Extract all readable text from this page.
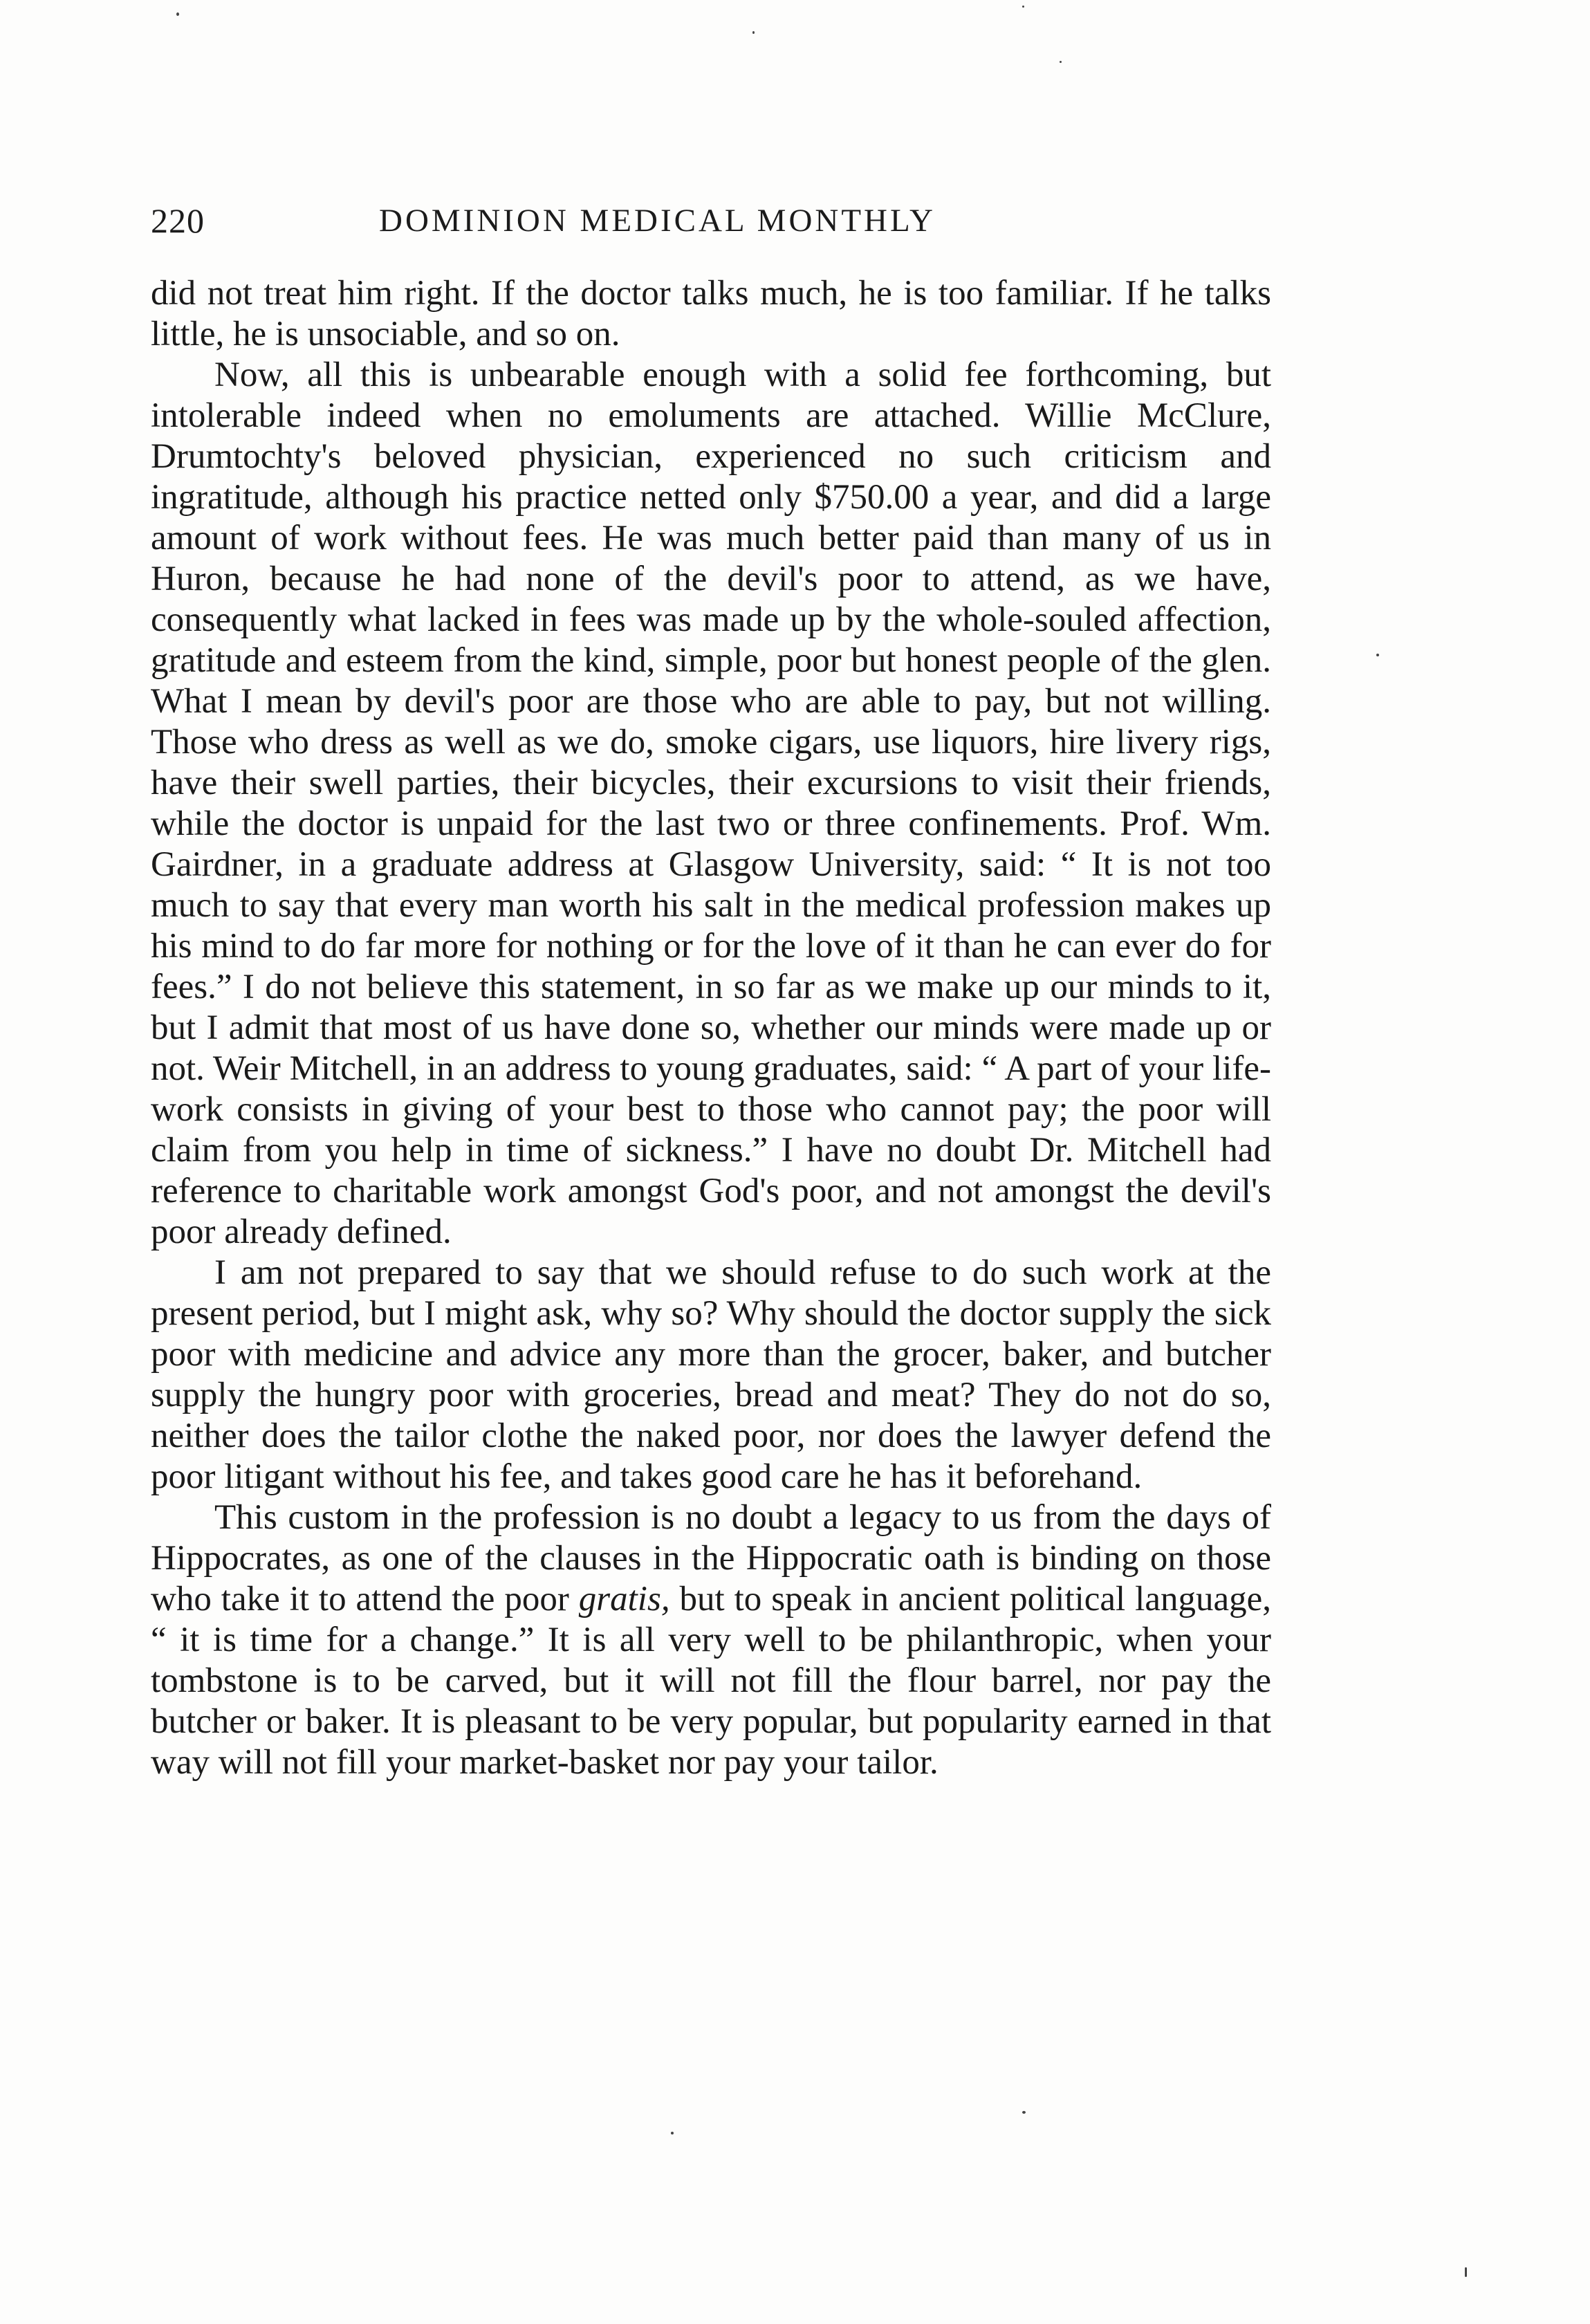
220	DOMINION MEDICAL MONTHLY

did not treat him right. If the doctor talks much, he is too familiar. If he talks little, he is unsociable, and so on.

Now, all this is unbearable enough with a solid fee forthcoming, but intolerable indeed when no emoluments are attached. Willie McClure, Drumtochty's beloved physician, experienced no such criticism and ingratitude, although his practice netted only $750.00 a year, and did a large amount of work without fees. He was much better paid than many of us in Huron, because he had none of the devil's poor to attend, as we have, consequently what lacked in fees was made up by the whole-souled affection, gratitude and esteem from the kind, simple, poor but honest people of the glen. What I mean by devil's poor are those who are able to pay, but not willing. Those who dress as well as we do, smoke cigars, use liquors, hire livery rigs, have their swell parties, their bicycles, their excursions to visit their friends, while the doctor is unpaid for the last two or three confinements. Prof. Wm. Gairdner, in a graduate address at Glasgow University, said: “ It is not too much to say that every man worth his salt in the medical profession makes up his mind to do far more for nothing or for the love of it than he can ever do for fees.” I do not believe this statement, in so far as we make up our minds to it, but I admit that most of us have done so, whether our minds were made up or not. Weir Mitchell, in an address to young graduates, said: “ A part of your life-work consists in giving of your best to those who cannot pay; the poor will claim from you help in time of sickness.” I have no doubt Dr. Mitchell had reference to charitable work amongst God's poor, and not amongst the devil's poor already defined.

I am not prepared to say that we should refuse to do such work at the present period, but I might ask, why so? Why should the doctor supply the sick poor with medicine and advice any more than the grocer, baker, and butcher supply the hungry poor with groceries, bread and meat? They do not do so, neither does the tailor clothe the naked poor, nor does the lawyer defend the poor litigant without his fee, and takes good care he has it beforehand.

This custom in the profession is no doubt a legacy to us from the days of Hippocrates, as one of the clauses in the Hippocratic oath is binding on those who take it to attend the poor gratis, but to speak in ancient political language, “ it is time for a change.” It is all very well to be philanthropic, when your tombstone is to be carved, but it will not fill the flour barrel, nor pay the butcher or baker. It is pleasant to be very popular, but popularity earned in that way will not fill your market-basket nor pay your tailor.
